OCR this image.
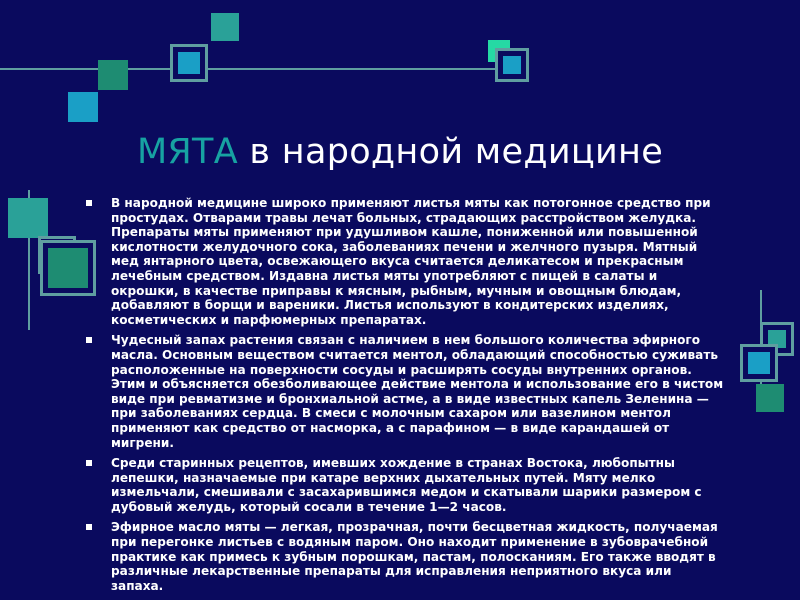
МЯТА в народной медицине
В народной медицине широко применяют листья мяты как потогонное средство при простудах. Отварами травы лечат больных, страдающих расстройством желудка. Препараты мяты применяют при удушливом кашле, пониженной или повышенной кислотности желудочного сока, заболеваниях печени и желчного пузыря. Мятный мед янтарного цвета, освежающего вкуса считается деликатесом и прекрасным лечебным средством. Издавна листья мяты употребляют с пищей в салаты и окрошки, в качестве приправы к мясным, рыбным, мучным и овощным блюдам, добавляют в борщи и вареники. Листья используют в кондитерских изделиях, косметических и парфюмерных препаратах.
Чудесный запах растения связан с наличием в нем большого количества эфирного масла. Основным веществом считается ментол, обладающий способностью суживать расположенные на поверхности сосуды и расширять сосуды внутренних органов. Этим и объясняется обезболивающее действие ментола и использование его в чистом виде при ревматизме и бронхиальной астме, а в виде известных капель Зеленина — при заболеваниях сердца. В смеси с молочным сахаром или вазелином ментол применяют как средство от насморка, а с парафином — в виде карандашей от мигрени.
Среди старинных рецептов, имевших хождение в странах Востока, любопытны лепешки, назначаемые при катаре верхних дыхательных путей. Мяту мелко измельчали, смешивали с засахарившимся медом и скатывали шарики размером с дубовый желудь, который сосали в течение 1—2 часов.
Эфирное масло мяты — легкая, прозрачная, почти бесцветная жидкость, получаемая при перегонке листьев с водяным паром. Оно находит применение в зубоврачебной практике как примесь к зубным порошкам, пастам, полосканиям. Его также вводят в различные лекарственные препараты для исправления неприятного вкуса или запаха.
